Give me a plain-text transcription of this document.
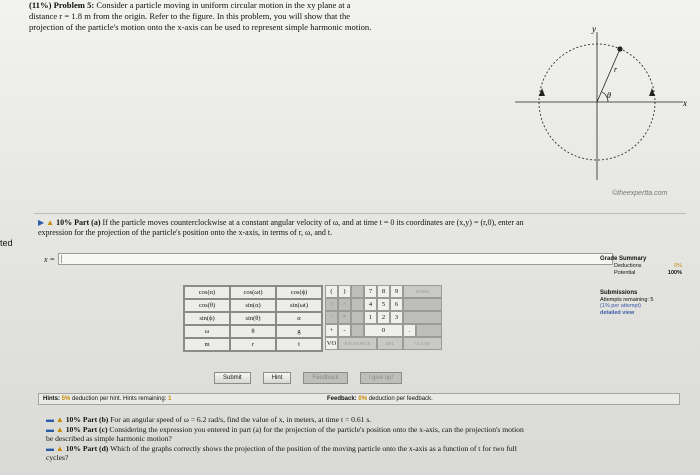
(11%) Problem 5: Consider a particle moving in uniform circular motion in the xy plane at a
distance r = 1.8 m from the origin. Refer to the figure. In this problem, you will show that the
projection of the particle's motion onto the x-axis can be used to represent simple harmonic motion.
ted
y
x
r
θ
©theexpertta.com
▶ ▲ 10% Part (a) If the particle moves counterclockwise at a constant angular velocity of ω, and at time t = 0 its coordinates are (x,y) = (r,0), enter an
expression for the projection of the particle's position onto the x-axis, in terms of r, ω, and t.
x = |	Grade Summary
Deductions	0%
Potential	100%
Submissions
Attempts remaining: 5
(1% per attempt)
detailed view
cos(α)	cos(ωt)	cos(ϕ)
cos(θ)	sin(α)	sin(ωt)
sin(ϕ)	sin(θ)	α
ω	θ	g
m	r	t
(	)	7	8	9	HOME
^	^	4	5	6
/	*	1	2	3
+	-	0	.
VO	BACKSPACE	DEL	CLEAR
Submit	Hint	Feedback	I give up!
Hints: 5% deduction per hint. Hints remaining: 1	Feedback: 0% deduction per feedback.
▬ ▲ 10% Part (b) For an angular speed of ω = 6.2 rad/s, find the value of x, in meters, at time t = 0.61 s.
▬ ▲ 10% Part (c) Considering the expression you entered in part (a) for the projection of the particle's position onto the x-axis, can the projection's motion
be described as simple harmonic motion?
▬ ▲ 10% Part (d) Which of the graphs correctly shows the projection of the position of the moving particle onto the x-axis as a function of t for two full
cycles?
